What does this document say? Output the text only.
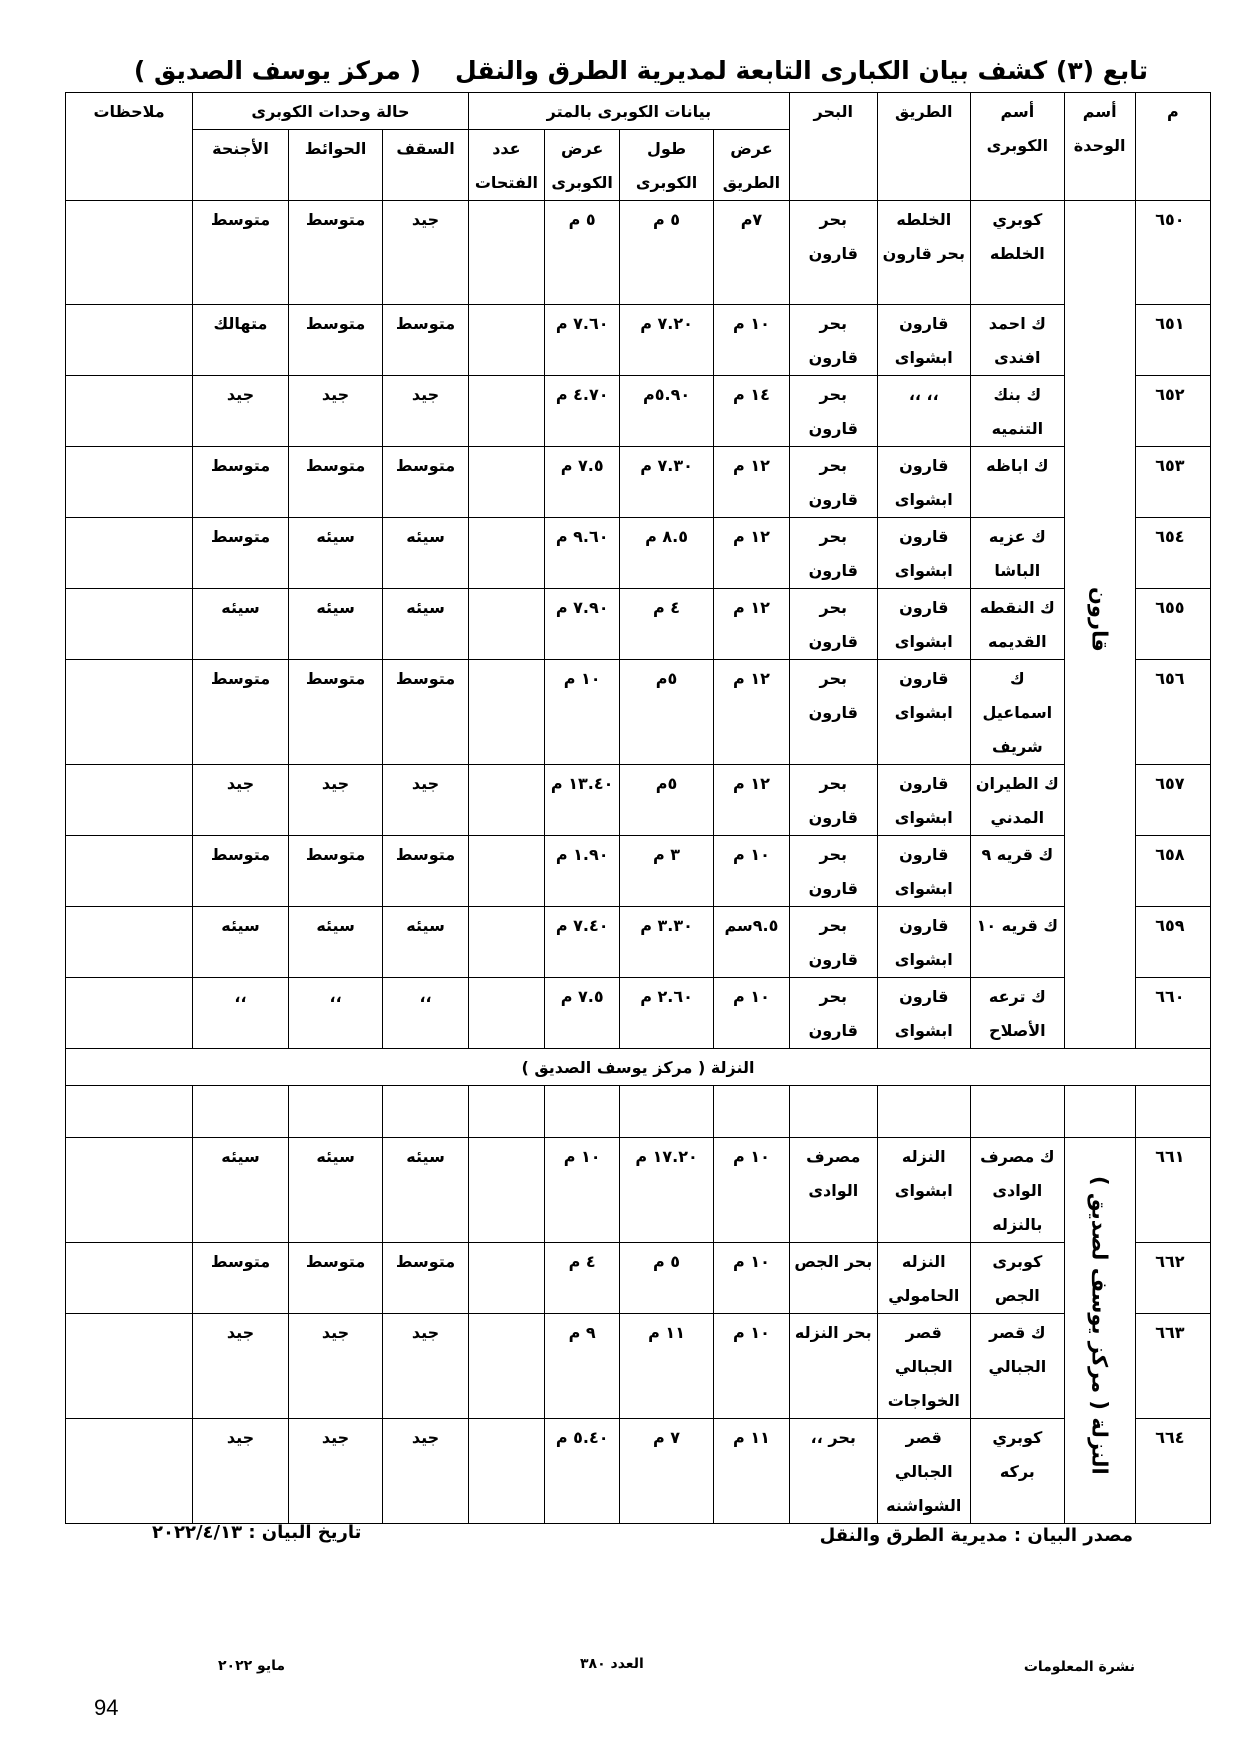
تابع (٣) كشف بيان الكبارى التابعة لمديرية الطرق والنقل( مركز يوسف الصديق )
م	أسم الوحدة	أسم الكوبرى	الطريق	البحر	بيانات الكوبرى بالمتر				حالة وحدات الكوبرى			ملاحظات
					عرض الطريق	طول الكوبرى	عرض الكوبرى	عدد الفتحات	السقف	الحوائط	الأجنحة	
٦٥٠	قارون	كوبري الخلطه	الخلطه بحر قارون	بحر قارون	٧م	٥ م	٥ م		جيد	متوسط	متوسط	
٦٥١		ك احمد افندى	قارون ابشواى	بحر قارون	١٠ م	٧.٢٠ م	٧.٦٠ م		متوسط	متوسط	متهالك	
٦٥٢		ك بنك التنميه	،، ،،	بحر قارون	١٤ م	٥.٩٠م	٤.٧٠ م		جيد	جيد	جيد	
٦٥٣		ك اباظه	قارون ابشواى	بحر قارون	١٢ م	٧.٣٠ م	٧.٥ م		متوسط	متوسط	متوسط	
٦٥٤		ك عزيه الباشا	قارون ابشواى	بحر قارون	١٢ م	٨.٥ م	٩.٦٠ م		سيئه	سيئه	متوسط	
٦٥٥		ك النقطه القديمه	قارون ابشواى	بحر قارون	١٢ م	٤ م	٧.٩٠ م		سيئه	سيئه	سيئه	
٦٥٦		ك اسماعيل شريف	قارون ابشواى	بحر قارون	١٢ م	٥م	١٠ م		متوسط	متوسط	متوسط	
٦٥٧		ك الطيران المدني	قارون ابشواى	بحر قارون	١٢ م	٥م	١٣.٤٠ م		جيد	جيد	جيد	
٦٥٨		ك قريه ٩	قارون ابشواى	بحر قارون	١٠ م	٣ م	١.٩٠ م		متوسط	متوسط	متوسط	
٦٥٩		ك قريه ١٠	قارون ابشواى	بحر قارون	٩.٥سم	٣.٣٠ م	٧.٤٠ م		سيئه	سيئه	سيئه	
٦٦٠		ك ترعه الأصلاح	قارون ابشواى	بحر قارون	١٠ م	٢.٦٠ م	٧.٥ م		،،	،،	،،	
النزلة ( مركز يوسف الصديق )												

٦٦١	النزلة ( مركز يوسف لصديق )	ك مصرف الوادى بالنزله	النزله ابشواى	مصرف الوادى	١٠ م	١٧.٢٠ م	١٠ م		سيئه	سيئه	سيئه	
٦٦٢		كوبرى الجص	النزله الحامولي	بحر الجص	١٠ م	٥ م	٤ م		متوسط	متوسط	متوسط	
٦٦٣		ك قصر الجبالي	قصر الجبالي الخواجات	بحر النزله	١٠ م	١١ م	٩ م		جيد	جيد	جيد	
٦٦٤		كوبري بركه	قصر الجبالي الشواشنه	بحر ،،	١١ م	٧ م	٥.٤٠ م		جيد	جيد	جيد	
مصدر البيان : مديرية الطرق والنقل
تاريخ البيان : ٢٠٢٢/٤/١٣
نشرة المعلومات
العدد ٣٨٠
مايو ٢٠٢٢
94
